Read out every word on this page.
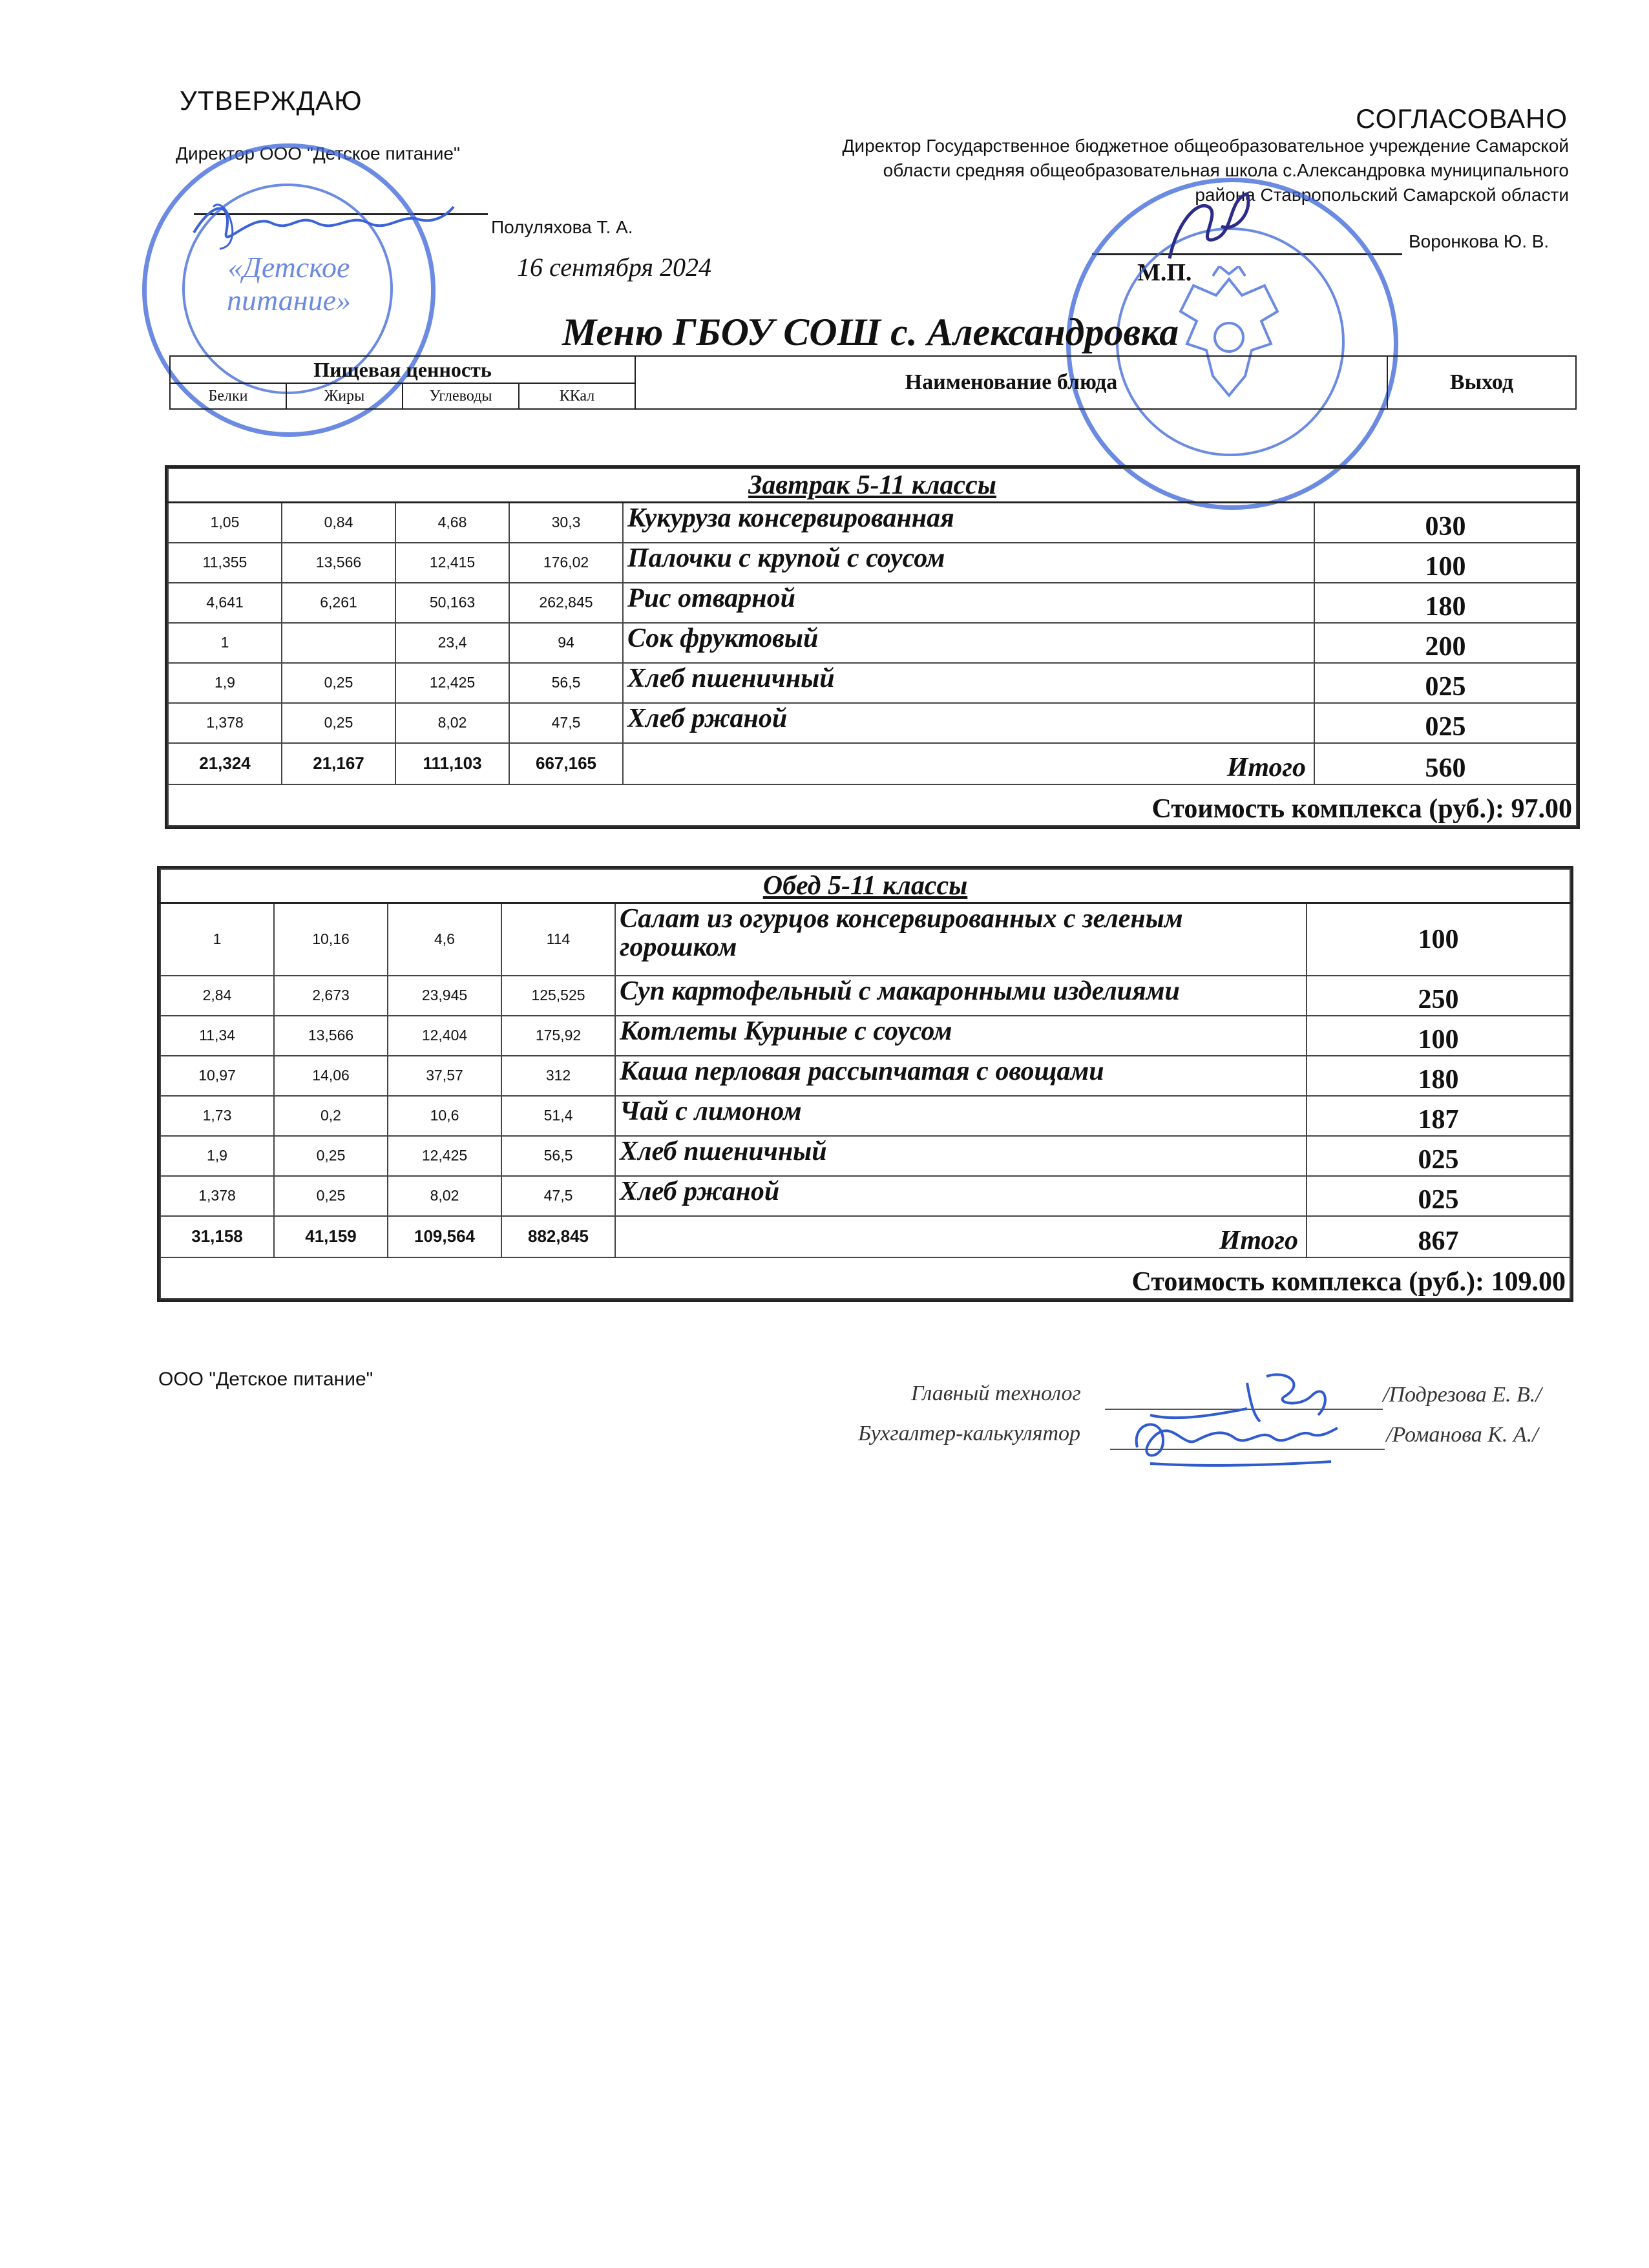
УТВЕРЖДАЮ
Директор ООО "Детское питание"
Полуляхова Т. А.
16 сентября 2024
«Детское питание»
СОГЛАСОВАНО
Директор Государственное бюджетное общеобразовательное учреждение Самарской
области средняя общеобразовательная школа с.Александровка муниципального
района Ставропольский Самарской области
Воронкова Ю. В.
М.П.
Меню ГБОУ СОШ с. Александровка
Пищевая ценность				Наименование блюда	Выход
Белки	Жиры	Углеводы	ККал		
Завтрак 5-11 классы					
1,05	0,84	4,68	30,3	Кукуруза консервированная	030
11,355	13,566	12,415	176,02	Палочки с крупой с соусом	100
4,641	6,261	50,163	262,845	Рис отварной	180
1		23,4	94	Сок фруктовый	200
1,9	0,25	12,425	56,5	Хлеб пшеничный	025
1,378	0,25	8,02	47,5	Хлеб ржаной	025
21,324	21,167	111,103	667,165	Итого	560
Стоимость комплекса (руб.): 97.00					
Обед 5-11 классы					
1	10,16	4,6	114	Салат из огурцов консервированных с зеленым горошком	100
2,84	2,673	23,945	125,525	Суп картофельный с макаронными изделиями	250
11,34	13,566	12,404	175,92	Котлеты Куриные с соусом	100
10,97	14,06	37,57	312	Каша перловая рассыпчатая с овощами	180
1,73	0,2	10,6	51,4	Чай с лимоном	187
1,9	0,25	12,425	56,5	Хлеб пшеничный	025
1,378	0,25	8,02	47,5	Хлеб ржаной	025
31,158	41,159	109,564	882,845	Итого	867
Стоимость комплекса (руб.): 109.00					
ООО "Детское питание"
Главный технолог	/Подрезова Е. В./
Бухгалтер-калькулятор	/Романова К. А./
